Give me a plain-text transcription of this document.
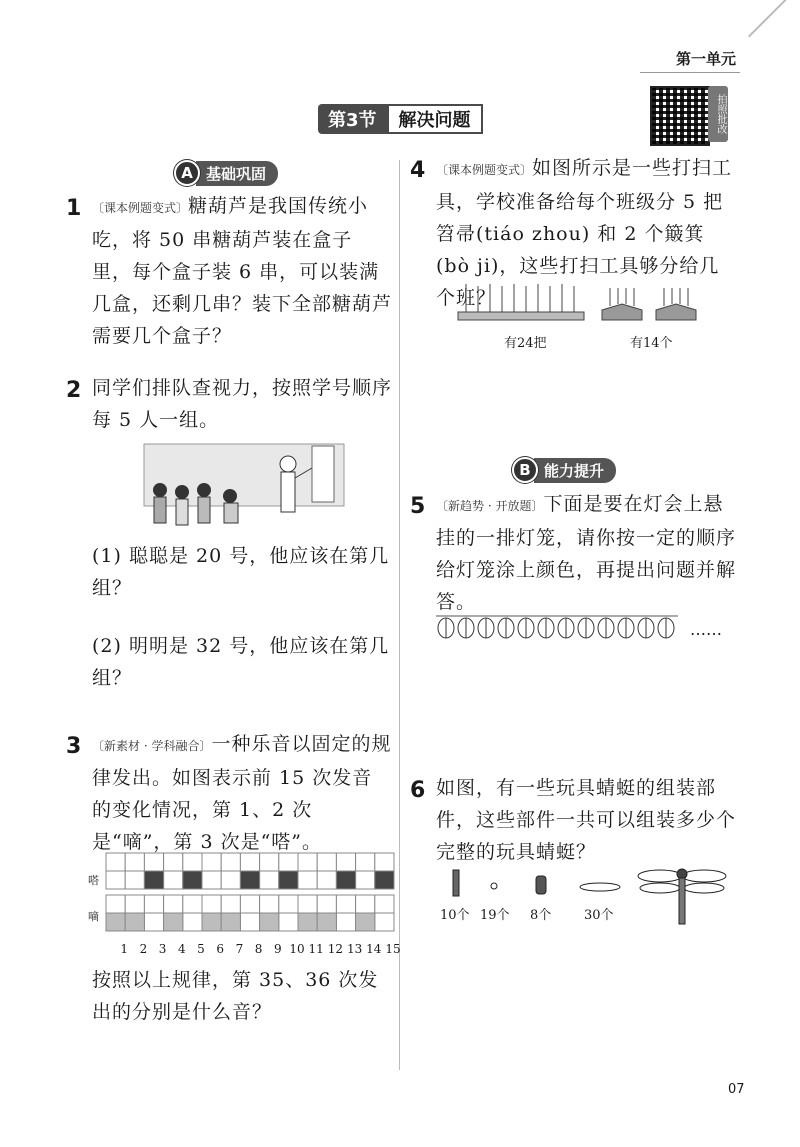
第一单元
第3节	解决问题	拍照批改
A 基础巩固
1 〔课本例题变式〕糖葫芦是我国传统小吃，将 50 串糖葫芦装在盒子里，每个盒子装 6 串，可以装满几盒，还剩几串？装下全部糖葫芦需要几个盒子？
2 同学们排队查视力，按照学号顺序每 5 人一组。
(1) 聪聪是 20 号，他应该在第几组？
(2) 明明是 32 号，他应该在第几组？
3 〔新素材 · 学科融合〕一种乐音以固定的规律发出。如图表示前 15 次发音的变化情况，第 1、2 次是“嘀”，第 3 次是“嗒”。
嗒
嘀
1 2 3 4 5 6 7 8 9 10 11 12 13 14 15
按照以上规律，第 35、36 次发出的分别是什么音？
4 〔课本例题变式〕如图所示是一些打扫工具，学校准备给每个班级分 5 把笤帚(tiáo zhou) 和 2 个簸箕(bò ji)，这些打扫工具够分给几个班？
有24把	有14个
B 能力提升
5 〔新趋势 · 开放题〕下面是要在灯会上悬挂的一排灯笼，请你按一定的顺序给灯笼涂上颜色，再提出问题并解答。
……
6 如图，有一些玩具蜻蜓的组装部件，这些部件一共可以组装多少个完整的玩具蜻蜓？
10个 19个 8个	30个
07
